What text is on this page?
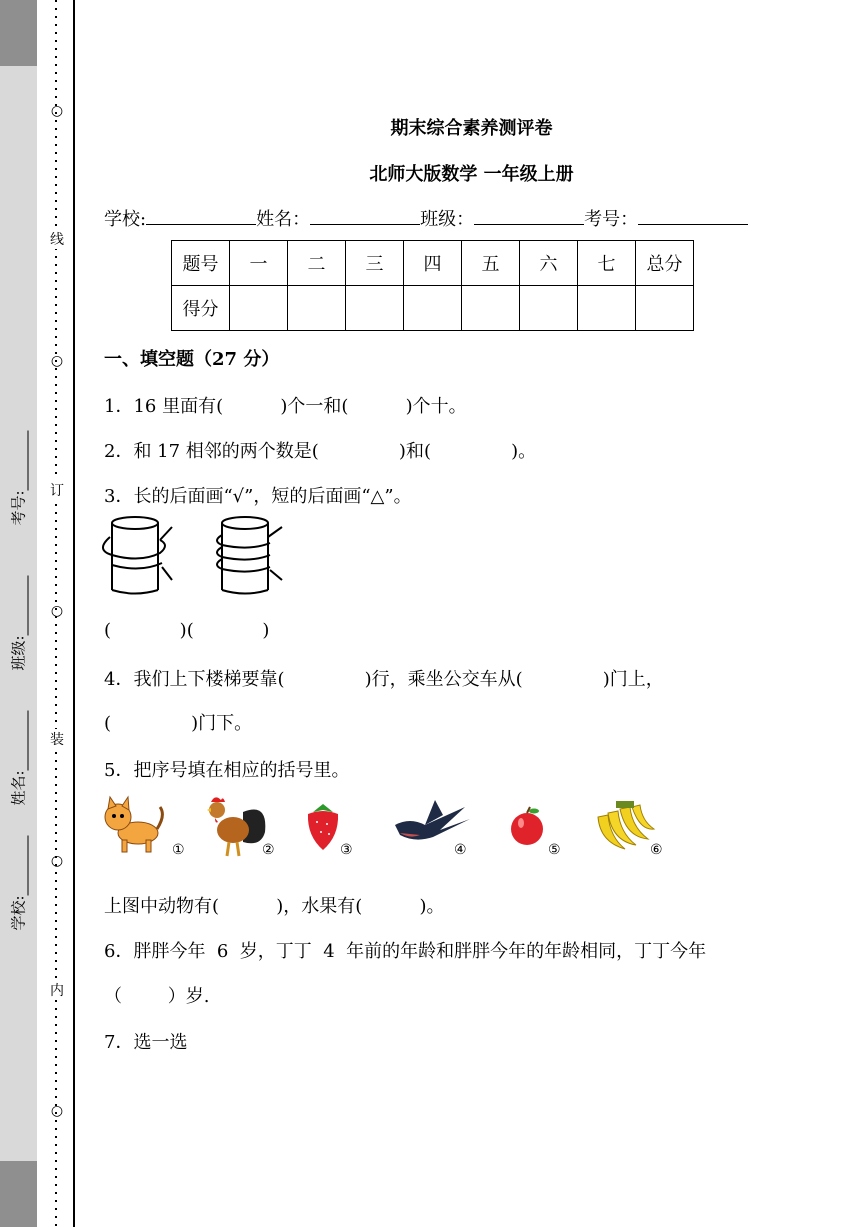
考号:
班级:
姓名:
学校:
○
线
○
订
○
装
○
内
○
期末综合素养测评卷
北师大版数学 一年级上册
学校:	姓名：	班级：	考号：
题号	一	二	三	四	五	六	七	总分
得分								
一、填空题（27 分）
1．16 里面有(          )个一和(          )个十。
2．和 17 相邻的两个数是(              )和(              )。
3．长的后面画“√”，短的后面画“△”。
(            )(            )
4．我们上下楼梯要靠(              )行，乘坐公交车从(              )门上，
(              )门下。
5．把序号填在相应的括号里。
①	②	③	④	⑤	⑥
上图中动物有(          )，水果有(          )。
6．胖胖今年  6  岁，丁丁  4  年前的年龄和胖胖今年的年龄相同，丁丁今年
（        ）岁.
7．选一选
